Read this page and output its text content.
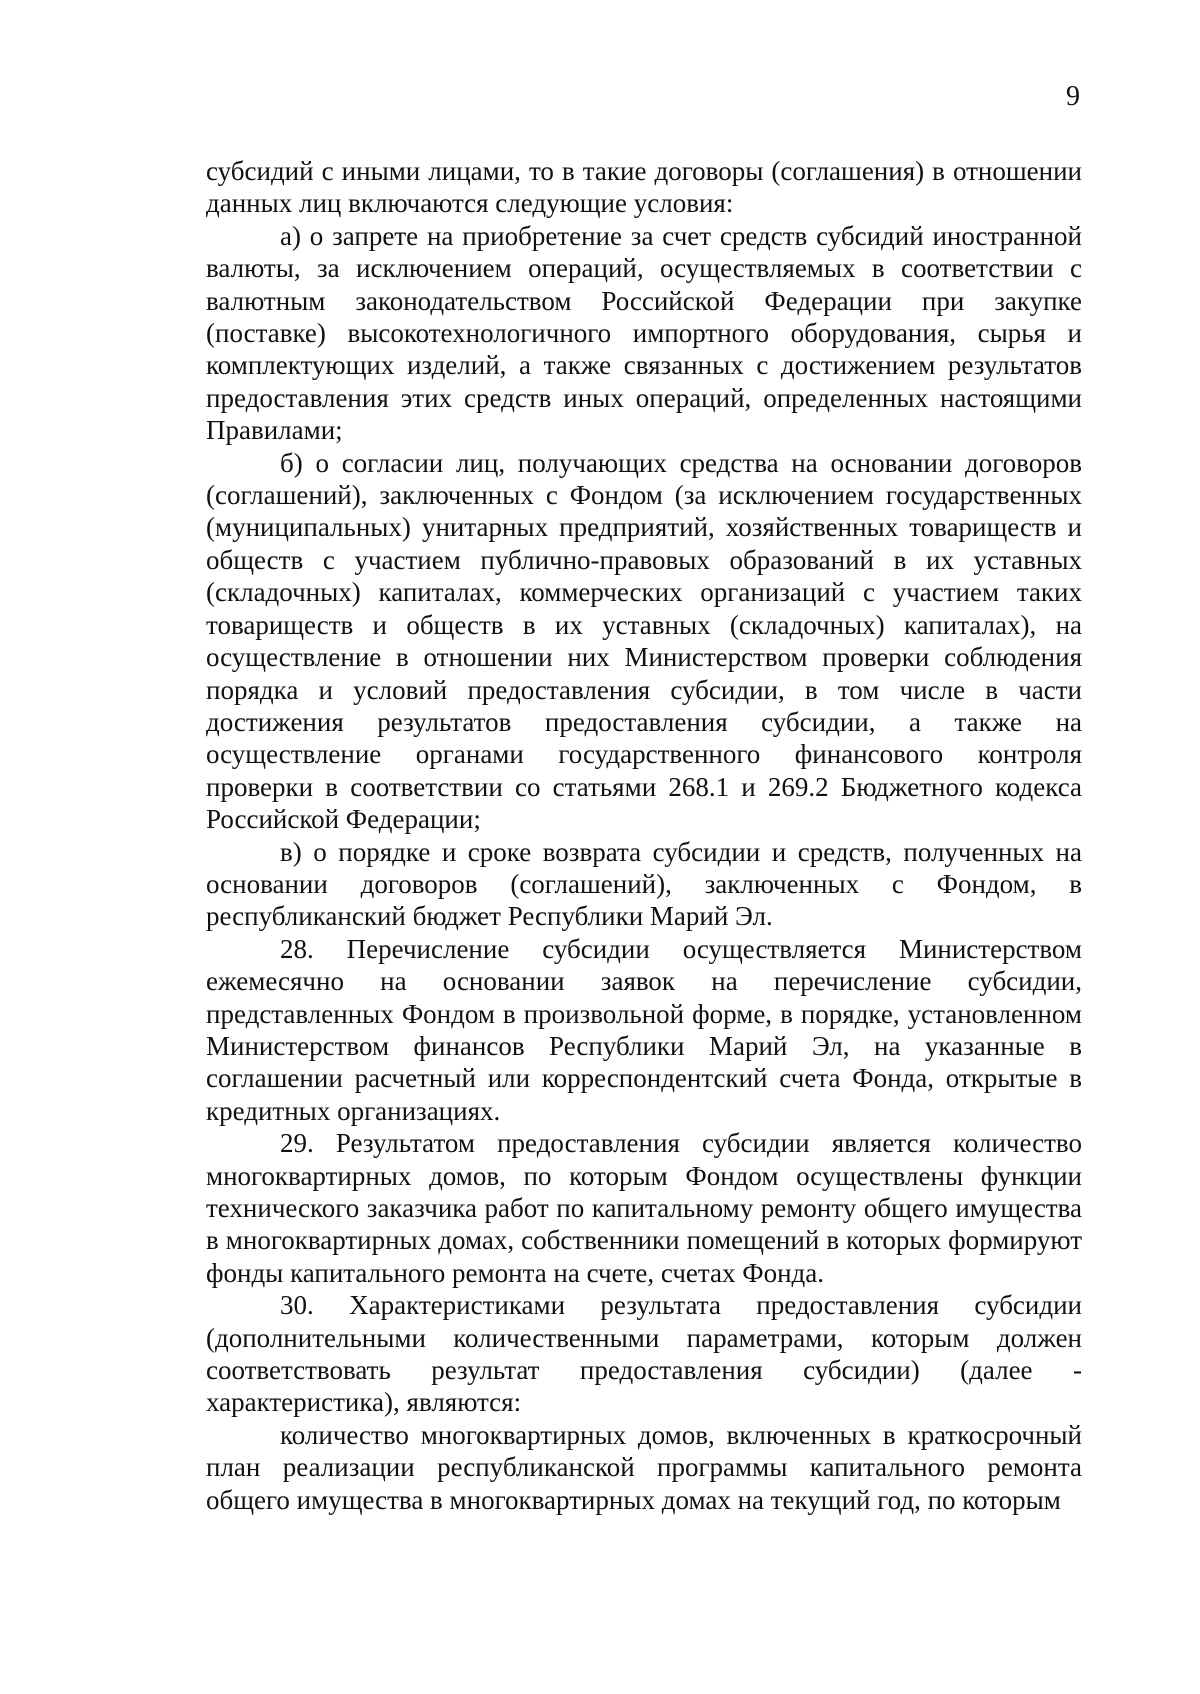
9

субсидий с иными лицами, то в такие договоры (соглашения) в отношении данных лиц включаются следующие условия:

а) о запрете на приобретение за счет средств субсидий иностранной валюты, за исключением операций, осуществляемых в соответствии с валютным законодательством Российской Федерации при закупке (поставке) высокотехнологичного импортного оборудования, сырья и комплектующих изделий, а также связанных с достижением результатов предоставления этих средств иных операций, определенных настоящими Правилами;

б) о согласии лиц, получающих средства на основании договоров (соглашений), заключенных с Фондом (за исключением государственных (муниципальных) унитарных предприятий, хозяйственных товариществ и обществ с участием публично-правовых образований в их уставных (складочных) капиталах, коммерческих организаций с участием таких товариществ и обществ в их уставных (складочных) капиталах), на осуществление в отношении них Министерством проверки соблюдения порядка и условий предоставления субсидии, в том числе в части достижения результатов предоставления субсидии, а также на осуществление органами государственного финансового контроля проверки в соответствии со статьями 268.1 и 269.2 Бюджетного кодекса Российской Федерации;

в) о порядке и сроке возврата субсидии и средств, полученных на основании договоров (соглашений), заключенных с Фондом, в республиканский бюджет Республики Марий Эл.

28. Перечисление субсидии осуществляется Министерством ежемесячно на основании заявок на перечисление субсидии, представленных Фондом в произвольной форме, в порядке, установленном Министерством финансов Республики Марий Эл, на указанные в соглашении расчетный или корреспондентский счета Фонда, открытые в кредитных организациях.

29. Результатом предоставления субсидии является количество многоквартирных домов, по которым Фондом осуществлены функции технического заказчика работ по капитальному ремонту общего имущества в многоквартирных домах, собственники помещений в которых формируют фонды капитального ремонта на счете, счетах Фонда.

30. Характеристиками результата предоставления субсидии (дополнительными количественными параметрами, которым должен соответствовать результат предоставления субсидии) (далее - характеристика), являются:

количество многоквартирных домов, включенных в краткосрочный план реализации республиканской программы капитального ремонта общего имущества в многоквартирных домах на текущий год, по которым
